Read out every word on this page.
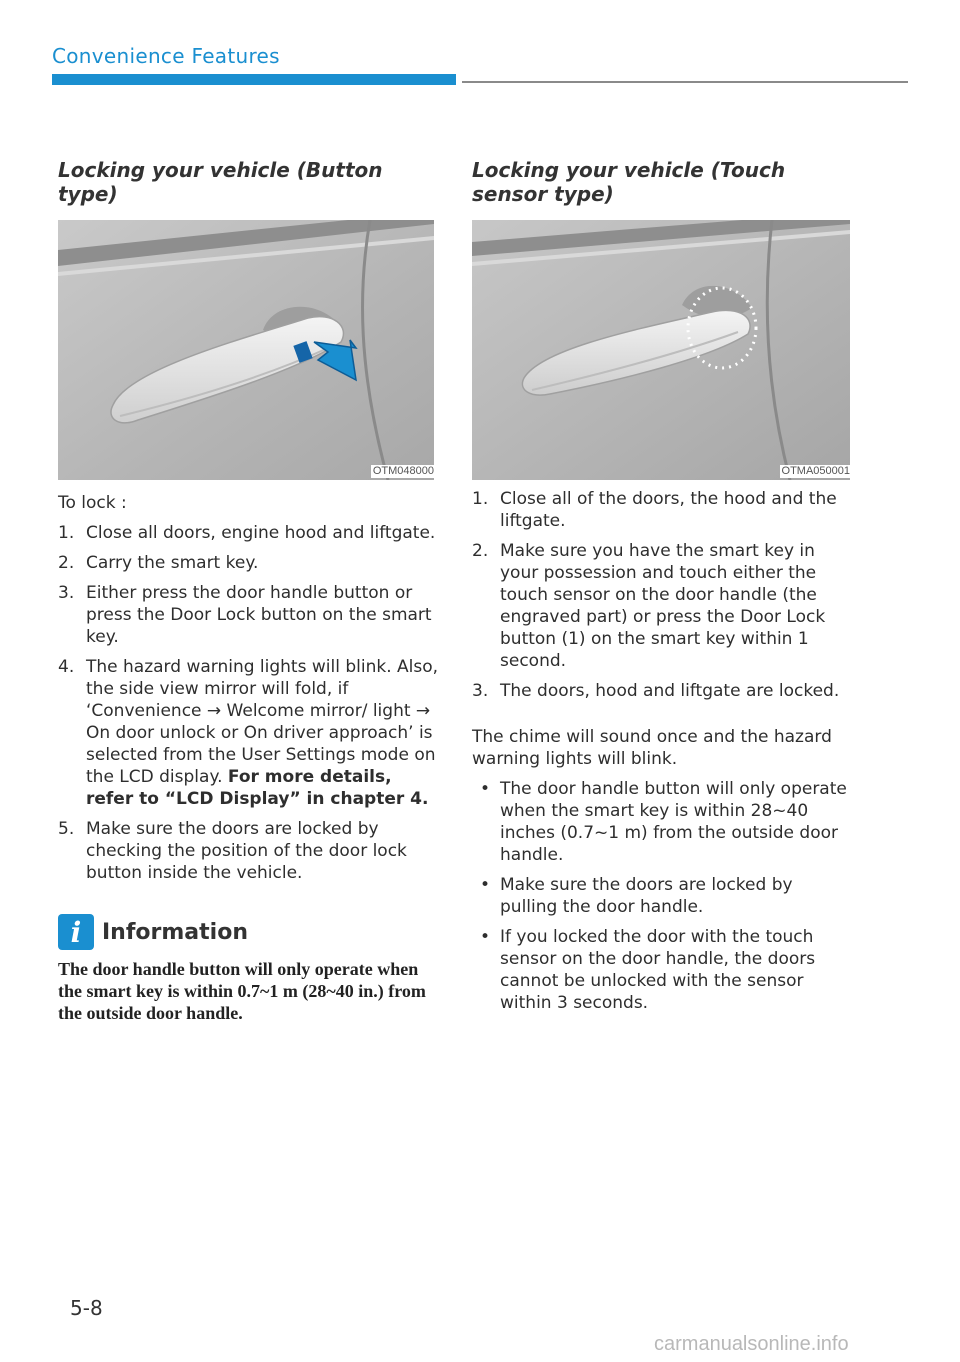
Convenience Features
Locking your vehicle (Button type)
OTM048000

To lock :

1. Close all doors, engine hood and liftgate.
2. Carry the smart key.
3. Either press the door handle button or press the Door Lock button on the smart key.
4. The hazard warning lights will blink. Also, the side view mirror will fold, if ‘Convenience → Welcome mirror/ light → On door unlock or On driver approach’ is selected from the User Settings mode on the LCD display. For more details, refer to “LCD Display” in chapter 4.
5. Make sure the doors are locked by checking the position of the door lock button inside the vehicle.
i Information

The door handle button will only operate when the smart key is within 0.7~1 m (28~40 in.) from the outside door handle.

Locking your vehicle (Touch sensor type)
OTMA050001
1. Close all of the doors, the hood and the liftgate.
2. Make sure you have the smart key in your possession and touch either the touch sensor on the door handle (the engraved part) or press the Door Lock button (1) on the smart key within 1 second.
3. The doors, hood and liftgate are locked.

The chime will sound once and the hazard warning lights will blink.

• The door handle button will only operate when the smart key is within 28~40 inches (0.7~1 m) from the outside door handle.
• Make sure the doors are locked by pulling the door handle.
• If you locked the door with the touch sensor on the door handle, the doors cannot be unlocked with the sensor within 3 seconds.
5-8
carmanualsonline.info
